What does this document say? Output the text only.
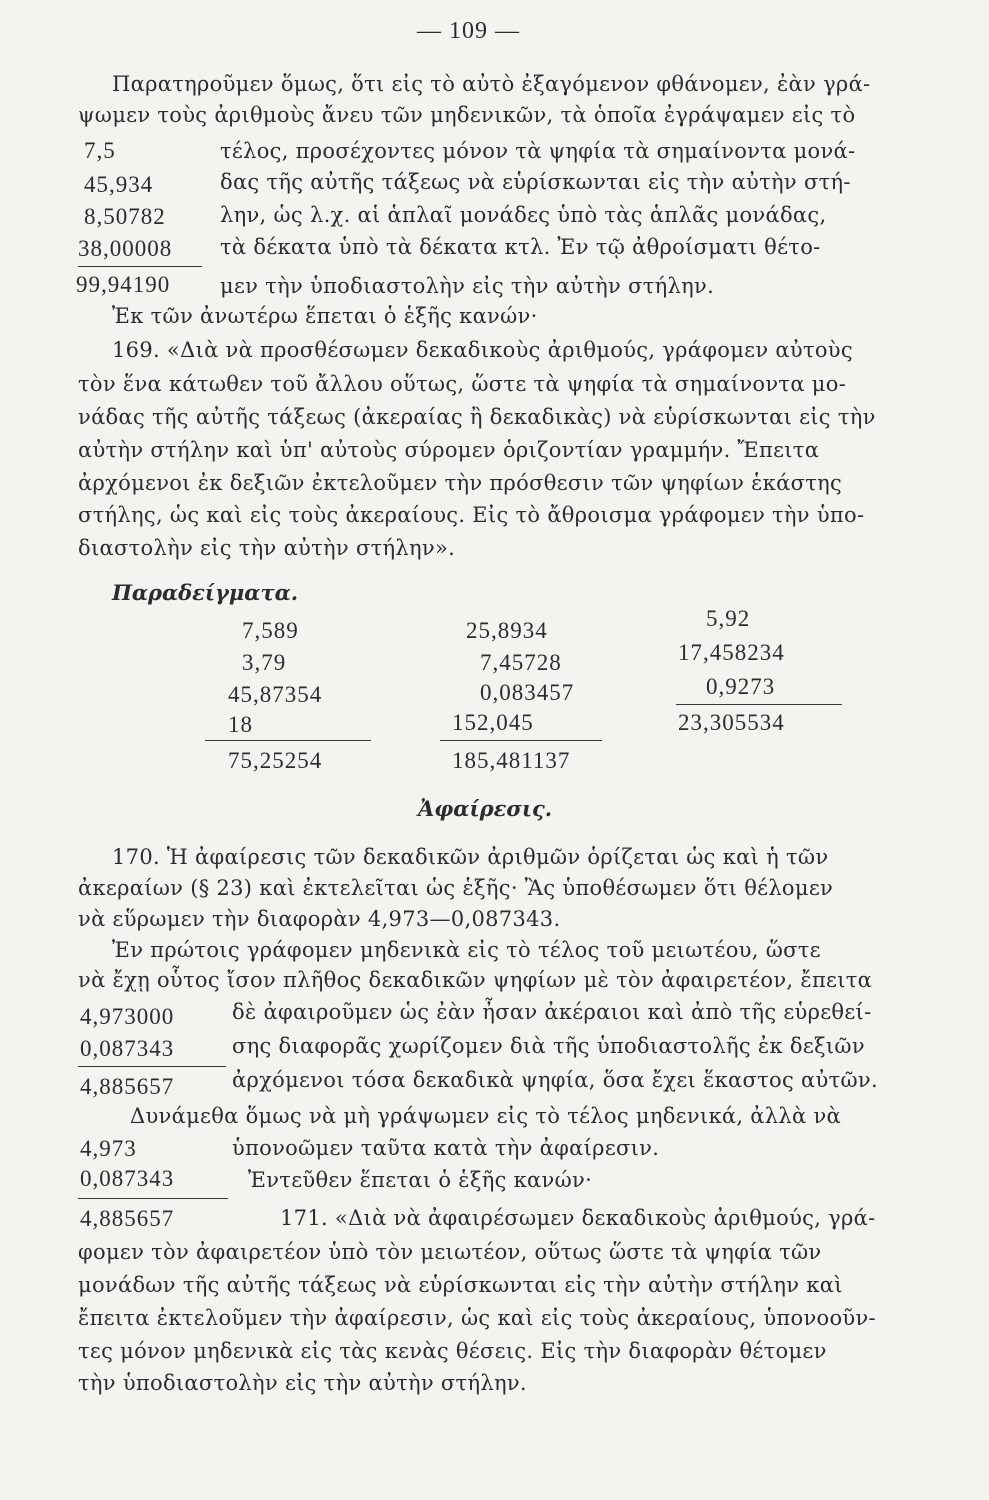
— 109 —
Παρατηροῦμεν ὅμως, ὅτι εἰς τὸ αὐτὸ ἐξαγόμενον φθάνομεν, ἐὰν γρά-
ψωμεν τοὺς ἀριθμοὺς ἄνευ τῶν μηδενικῶν, τὰ ὁποῖα ἐγράψαμεν εἰς τὸ
τέλος, προσέχοντες μόνον τὰ ψηφία τὰ σημαίνοντα μονά-
δας τῆς αὐτῆς τάξεως νὰ εὑρίσκωνται εἰς τὴν αὐτὴν στή-
λην, ὡς λ.χ. αἱ ἁπλαῖ μονάδες ὑπὸ τὰς ἁπλᾶς μονάδας,
τὰ δέκατα ὑπὸ τὰ δέκατα κτλ. Ἐν τῷ ἀθροίσματι θέτο-
μεν τὴν ὑποδιαστολὴν εἰς τὴν αὐτὴν στήλην.
Ἐκ τῶν ἀνωτέρω ἕπεται ὁ ἑξῆς κανών·
7,5
45,934
8,50782
38,00008
99,94190
169. «Διὰ νὰ προσθέσωμεν δεκαδικοὺς ἀριθμούς, γράφομεν αὐτοὺς
τὸν ἕνα κάτωθεν τοῦ ἄλλου οὕτως, ὥστε τὰ ψηφία τὰ σημαίνοντα μο-
νάδας τῆς αὐτῆς τάξεως (ἀκεραίας ἢ δεκαδικὰς) νὰ εὑρίσκωνται εἰς τὴν
αὐτὴν στήλην καὶ ὑπ' αὐτοὺς σύρομεν ὁριζοντίαν γραμμήν. Ἔπειτα
ἀρχόμενοι ἐκ δεξιῶν ἐκτελοῦμεν τὴν πρόσθεσιν τῶν ψηφίων ἑκάστης
στήλης, ὡς καὶ εἰς τοὺς ἀκεραίους. Εἰς τὸ ἄθροισμα γράφομεν τὴν ὑπο-
διαστολὴν εἰς τὴν αὐτὴν στήλην».
Παραδείγματα.
7,589
3,79
45,87354
18
75,25254
25,8934
7,45728
0,083457
152,045
185,481137
5,92
17,458234
0,9273
23,305534
Ἀφαίρεσις.
170. Ἡ ἀφαίρεσις τῶν δεκαδικῶν ἀριθμῶν ὁρίζεται ὡς καὶ ἡ τῶν
ἀκεραίων (§ 23) καὶ ἐκτελεῖται ὡς ἑξῆς· Ἂς ὑποθέσωμεν ὅτι θέλομεν
νὰ εὕρωμεν τὴν διαφορὰν 4,973—0,087343.
Ἐν πρώτοις γράφομεν μηδενικὰ εἰς τὸ τέλος τοῦ μειωτέου, ὥστε
νὰ ἔχῃ οὗτος ἴσον πλῆθος δεκαδικῶν ψηφίων μὲ τὸν ἀφαιρετέον, ἔπειτα
δὲ ἀφαιροῦμεν ὡς ἐὰν ἦσαν ἀκέραιοι καὶ ἀπὸ τῆς εὑρεθεί-
σης διαφορᾶς χωρίζομεν διὰ τῆς ὑποδιαστολῆς ἐκ δεξιῶν
ἀρχόμενοι τόσα δεκαδικὰ ψηφία, ὅσα ἔχει ἕκαστος αὐτῶν.
Δυνάμεθα ὅμως νὰ μὴ γράψωμεν εἰς τὸ τέλος μηδενικά, ἀλλὰ νὰ
ὑπονοῶμεν ταῦτα κατὰ τὴν ἀφαίρεσιν.
Ἐντεῦθεν ἕπεται ὁ ἑξῆς κανών·
4,973000
0,087343
4,885657
4,973
0,087343
4,885657	171. «Διὰ νὰ ἀφαιρέσωμεν δεκαδικοὺς ἀριθμούς, γρά-
φομεν τὸν ἀφαιρετέον ὑπὸ τὸν μειωτέον, οὕτως ὥστε τὰ ψηφία τῶν
μονάδων τῆς αὐτῆς τάξεως νὰ εὑρίσκωνται εἰς τὴν αὐτὴν στήλην καὶ
ἔπειτα ἐκτελοῦμεν τὴν ἀφαίρεσιν, ὡς καὶ εἰς τοὺς ἀκεραίους, ὑπονοοῦν-
τες μόνον μηδενικὰ εἰς τὰς κενὰς θέσεις. Εἰς τὴν διαφορὰν θέτομεν
τὴν ὑποδιαστολὴν εἰς τὴν αὐτὴν στήλην.
